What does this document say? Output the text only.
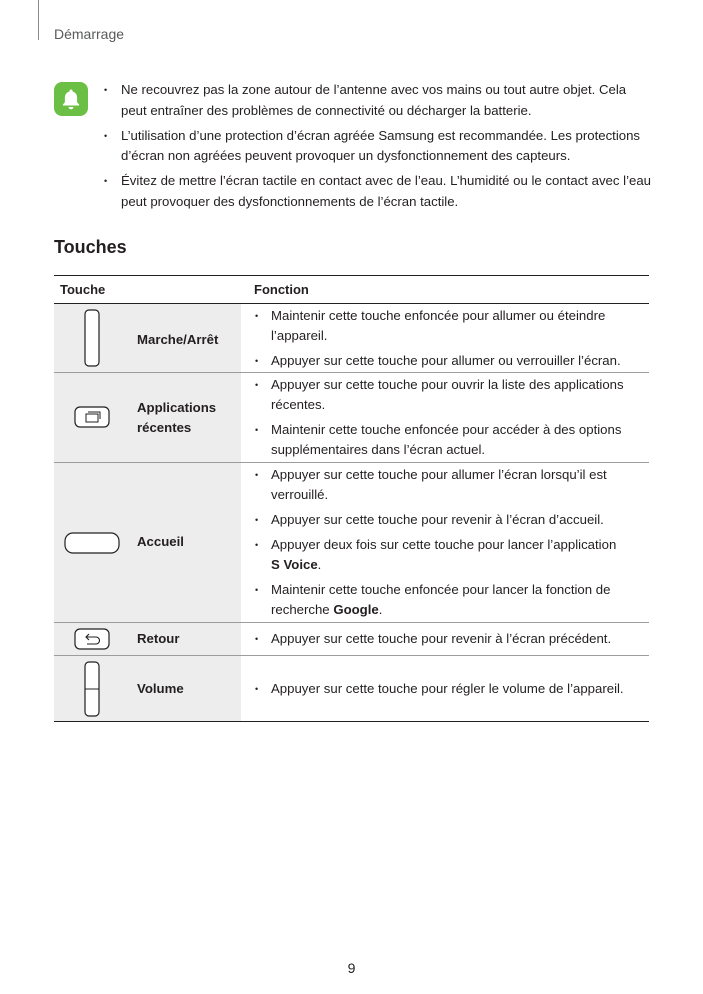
Démarrage
• Ne recouvrez pas la zone autour de l’antenne avec vos mains ou tout autre objet. Cela peut entraîner des problèmes de connectivité ou décharger la batterie.
• L’utilisation d’une protection d’écran agréée Samsung est recommandée. Les protections d’écran non agréées peuvent provoquer un dysfonctionnement des capteurs.
• Évitez de mettre l’écran tactile en contact avec de l’eau. L’humidité ou le contact avec l’eau peut provoquer des dysfonctionnements de l’écran tactile.
Touches
Touche	Fonction
Marche/Arrêt
• Maintenir cette touche enfoncée pour allumer ou éteindre l’appareil.
• Appuyer sur cette touche pour allumer ou verrouiller l’écran.
Applications récentes
• Appuyer sur cette touche pour ouvrir la liste des applications récentes.
• Maintenir cette touche enfoncée pour accéder à des options supplémentaires dans l’écran actuel.
Accueil
• Appuyer sur cette touche pour allumer l’écran lorsqu’il est verrouillé.
• Appuyer sur cette touche pour revenir à l’écran d’accueil.
• Appuyer deux fois sur cette touche pour lancer l’application
S Voice.
• Maintenir cette touche enfoncée pour lancer la fonction de recherche Google.
Retour	• Appuyer sur cette touche pour revenir à l’écran précédent.
Volume	• Appuyer sur cette touche pour régler le volume de l’appareil.
9
